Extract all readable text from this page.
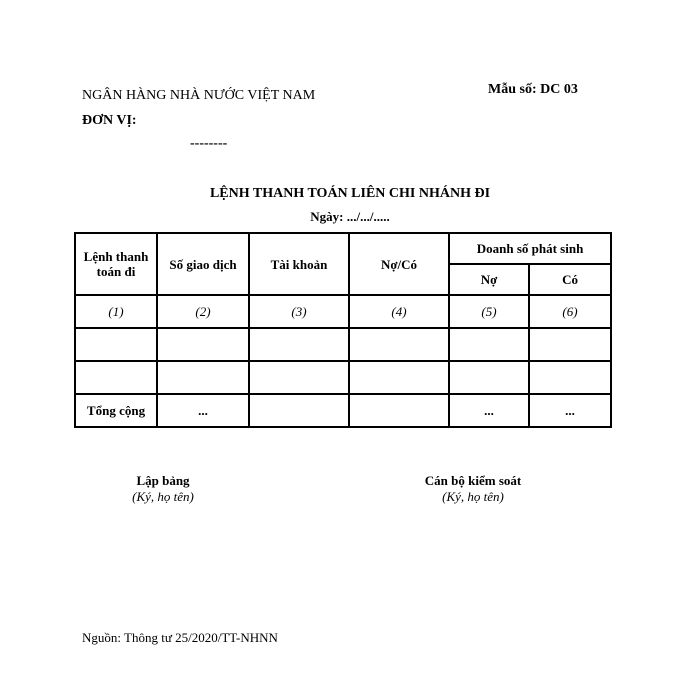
NGÂN HÀNG NHÀ NƯỚC VIỆT NAM
ĐƠN VỊ:
--------
Mẫu số: DC 03
LỆNH THANH TOÁN LIÊN CHI NHÁNH ĐI
Ngày: .../.../.....
Lệnh thanh toán đi	Số giao dịch	Tài khoản	Nợ/Có	Doanh số phát sinh	
				Nợ	Có
(1)	(2)	(3)	(4)	(5)	(6)

Tổng cộng	...			...	...
Lập bảng
(Ký, họ tên)
Cán bộ kiểm soát
(Ký, họ tên)
Nguồn: Thông tư 25/2020/TT-NHNN
